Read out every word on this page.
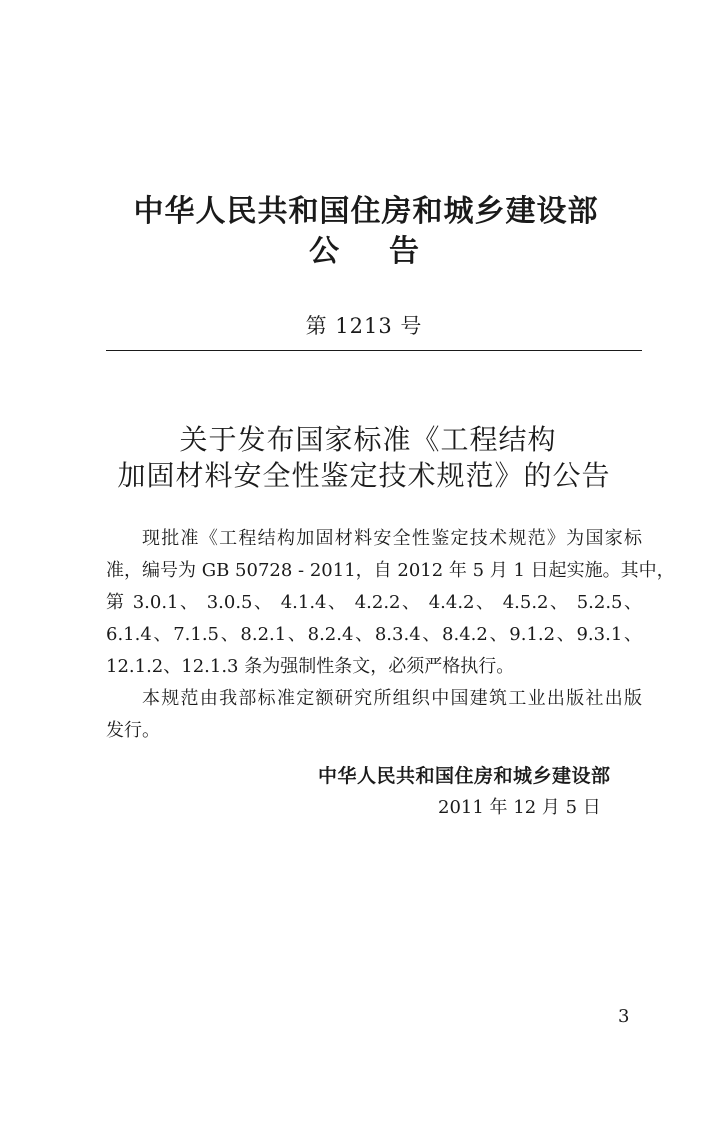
中华人民共和国住房和城乡建设部
公告
第 1213 号
关于发布国家标准《工程结构
加固材料安全性鉴定技术规范》的公告
现批准《工程结构加固材料安全性鉴定技术规范》为国家标
准，编号为 GB 50728 - 2011，自 2012 年 5 月 1 日起实施。其中，
第 3.0.1、 3.0.5、 4.1.4、 4.2.2、 4.4.2、 4.5.2、 5.2.5、
6.1.4、7.1.5、8.2.1、8.2.4、8.3.4、8.4.2、9.1.2、9.3.1、
12.1.2、12.1.3 条为强制性条文，必须严格执行。
本规范由我部标准定额研究所组织中国建筑工业出版社出版
发行。
中华人民共和国住房和城乡建设部
2011 年 12 月 5 日
3
